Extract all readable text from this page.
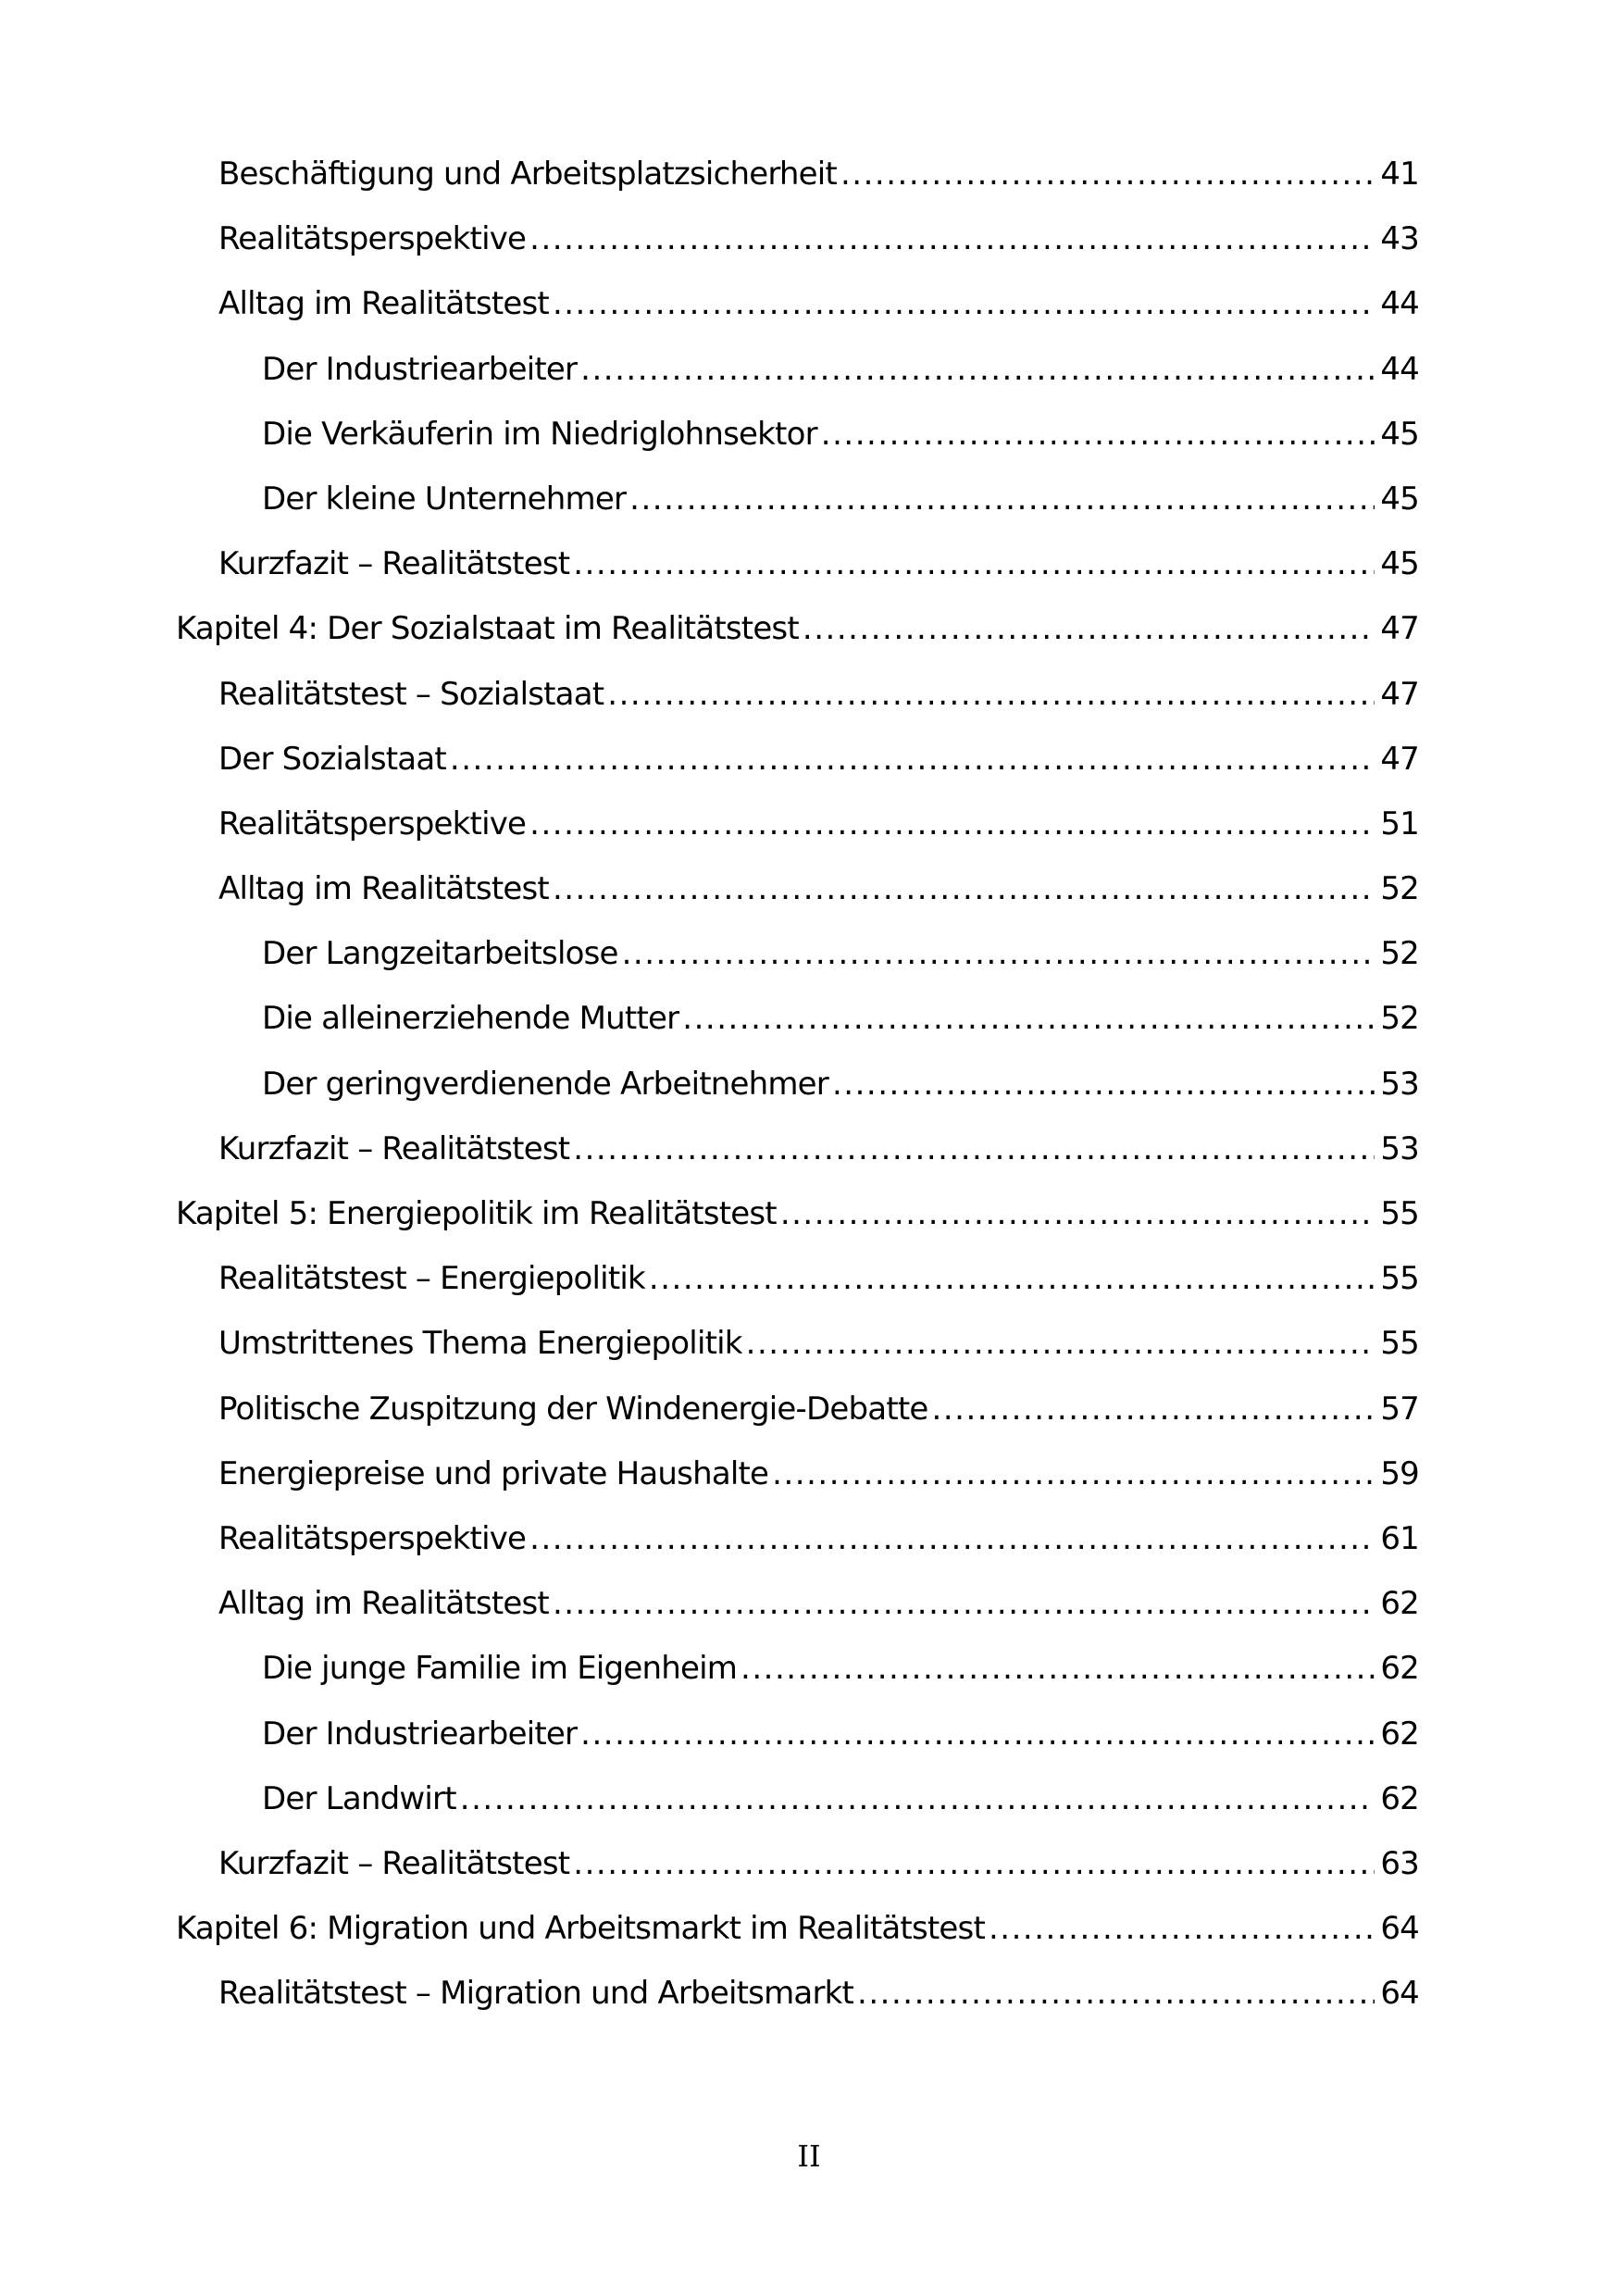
Beschäftigung und Arbeitsplatzsicherheit .....	41
Realitätsperspektive .....	43
Alltag im Realitätstest .....	44
Der Industriearbeiter .....	44
Die Verkäuferin im Niedriglohnsektor .....	45
Der kleine Unternehmer .....	45
Kurzfazit – Realitätstest .....	45
Kapitel 4: Der Sozialstaat im Realitätstest .....	47
Realitätstest – Sozialstaat .....	47
Der Sozialstaat .....	47
Realitätsperspektive .....	51
Alltag im Realitätstest .....	52
Der Langzeitarbeitslose .....	52
Die alleinerziehende Mutter .....	52
Der geringverdienende Arbeitnehmer .....	53
Kurzfazit – Realitätstest .....	53
Kapitel 5: Energiepolitik im Realitätstest .....	55
Realitätstest – Energiepolitik .....	55
Umstrittenes Thema Energiepolitik .....	55
Politische Zuspitzung der Windenergie-Debatte .....	57
Energiepreise und private Haushalte .....	59
Realitätsperspektive .....	61
Alltag im Realitätstest .....	62
Die junge Familie im Eigenheim .....	62
Der Industriearbeiter .....	62
Der Landwirt .....	62
Kurzfazit – Realitätstest .....	63
Kapitel 6: Migration und Arbeitsmarkt im Realitätstest .....	64
Realitätstest – Migration und Arbeitsmarkt .....	64
II
